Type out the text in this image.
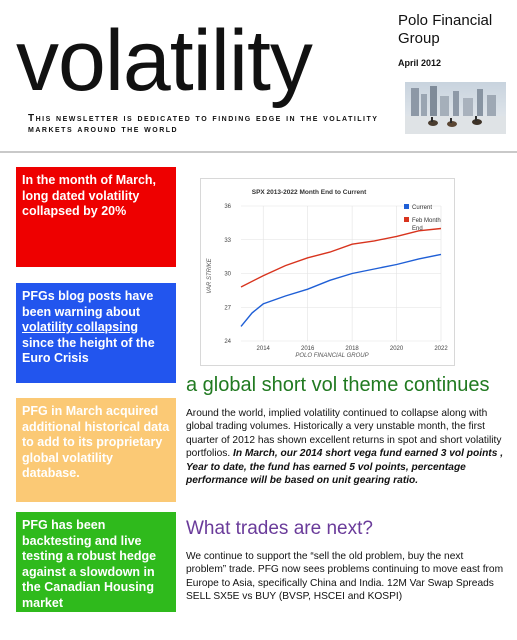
volatility	Polo Financial Group
April 2012
This newsletter is dedicated to finding edge in the volatility markets around the world
In the month of March, long dated volatility collapsed by 20%
PFGs blog posts have been warning about volatility collapsing since the height of the Euro Crisis
PFG in March acquired additional historical data to add to its proprietary global volatility database.
PFG has been backtesting and live testing a robust hedge against a slowdown in the Canadian Housing market
SPX 2013-2022 Month End to Current
VAR STRIKE
POLO FINANCIAL GROUP
24
27
30
33
36
2014	2016	2018	2020	2022
Current
Feb Month End
a global short vol theme continues
Around the world, implied volatility continued to collapse along with global trading volumes. Historically a very unstable month, the first quarter of 2012 has shown excellent returns in spot and short volatility portfolios. In March, our 2014 short vega fund earned 3 vol points , Year to date, the fund has earned 5 vol points, percentage performance will be based on unit gearing ratio.
What trades are next?
We continue to support the “sell the old problem, buy the next problem” trade. PFG now sees problems continuing to move east from Europe to Asia, specifically China and India. 12M Var Swap Spreads SELL SX5E vs BUY (BVSP, HSCEI and KOSPI)
